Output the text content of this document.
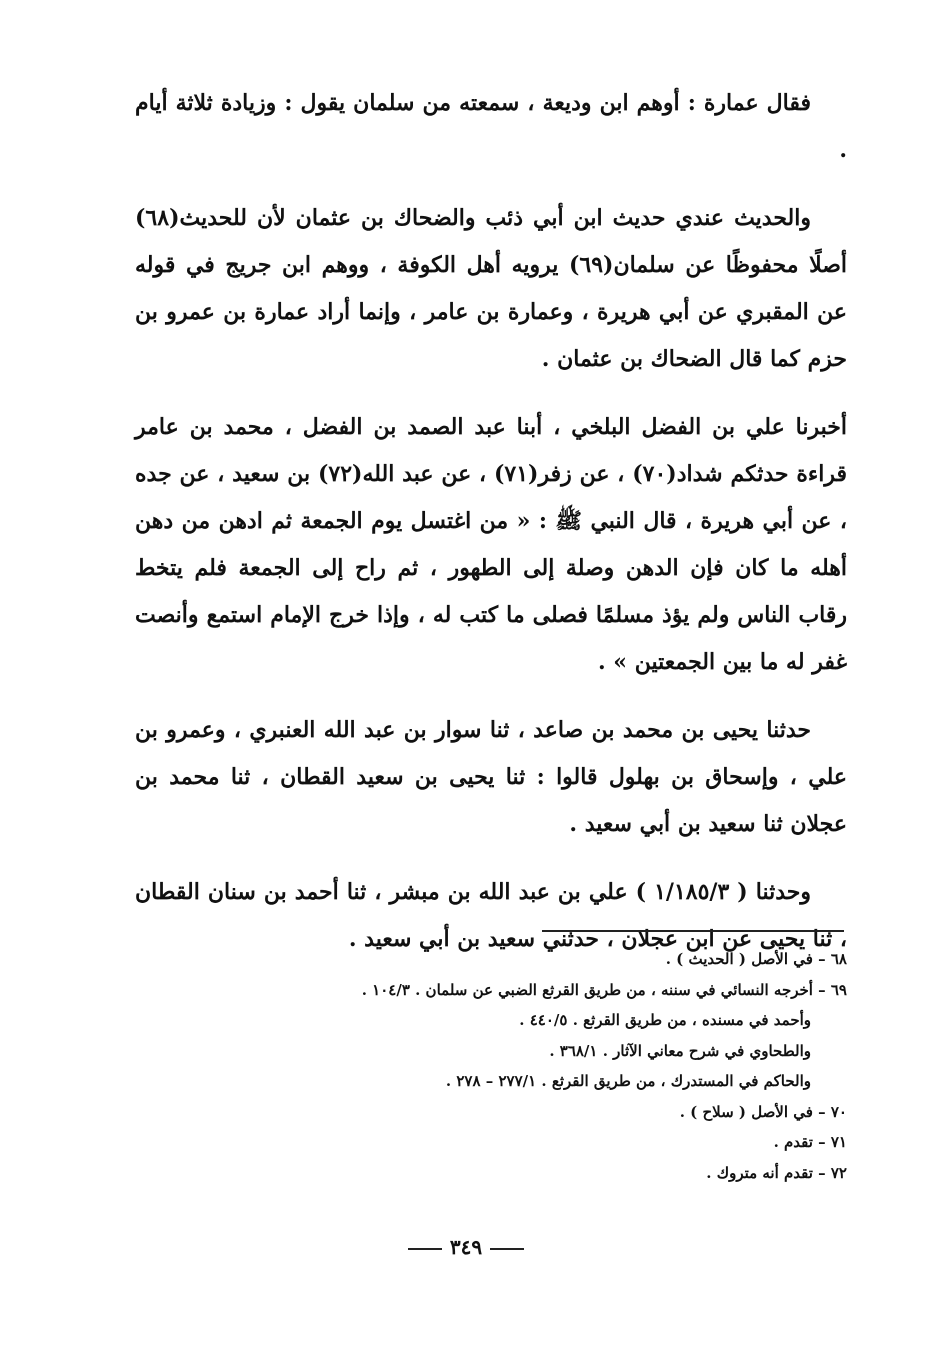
فقال عمارة : أوهم ابن وديعة ، سمعته من سلمان يقول : وزيادة ثلاثة أيام .

والحديث عندي حديث ابن أبي ذئب والضحاك بن عثمان لأن للحديث(٦٨) أصلًا محفوظًا عن سلمان(٦٩) يرويه أهل الكوفة ، ووهم ابن جريج في قوله عن المقبري عن أبي هريرة ، وعمارة بن عامر ، وإنما أراد عمارة بن عمرو بن حزم كما قال الضحاك بن عثمان .

أخبرنا علي بن الفضل البلخي ، أبنا عبد الصمد بن الفضل ، محمد بن عامر قراءة حدثكم شداد(٧٠) ، عن زفر(٧١) ، عن عبد الله(٧٢) بن سعيد ، عن جده ، عن أبي هريرة ، قال النبي ﷺ : « من اغتسل يوم الجمعة ثم ادهن من دهن أهله ما كان فإن الدهن وصلة إلى الطهور ، ثم راح إلى الجمعة فلم يتخط رقاب الناس ولم يؤذ مسلمًا فصلى ما كتب له ، وإذا خرج الإمام استمع وأنصت غفر له ما بين الجمعتين » .

حدثنا يحيى بن محمد بن صاعد ، ثنا سوار بن عبد الله العنبري ، وعمرو بن علي ، وإسحاق بن بهلول قالوا : ثنا يحيى بن سعيد القطان ، ثنا محمد بن عجلان ثنا سعيد بن أبي سعيد .

وحدثنا ( ١/١٨٥/٣ ) علي بن عبد الله بن مبشر ، ثنا أحمد بن سنان القطان ، ثنا يحيى عن ابن عجلان ، حدثني سعيد بن أبي سعيد .

٦٨ – في الأصل ( الحديث ) .
٦٩ – أخرجه النسائي في سننه ، من طريق القرثع الضبي عن سلمان . ١٠٤/٣ .
وأحمد في مسنده ، من طريق القرثع . ٤٤٠/٥ .
والطحاوي في شرح معاني الآثار . ٣٦٨/١ .
والحاكم في المستدرك ، من طريق القرثع . ٢٧٧/١ – ٢٧٨ .
٧٠ – في الأصل ( سلاح ) .
٧١ – تقدم .
٧٢ – تقدم أنه متروك .
٣٤٩
